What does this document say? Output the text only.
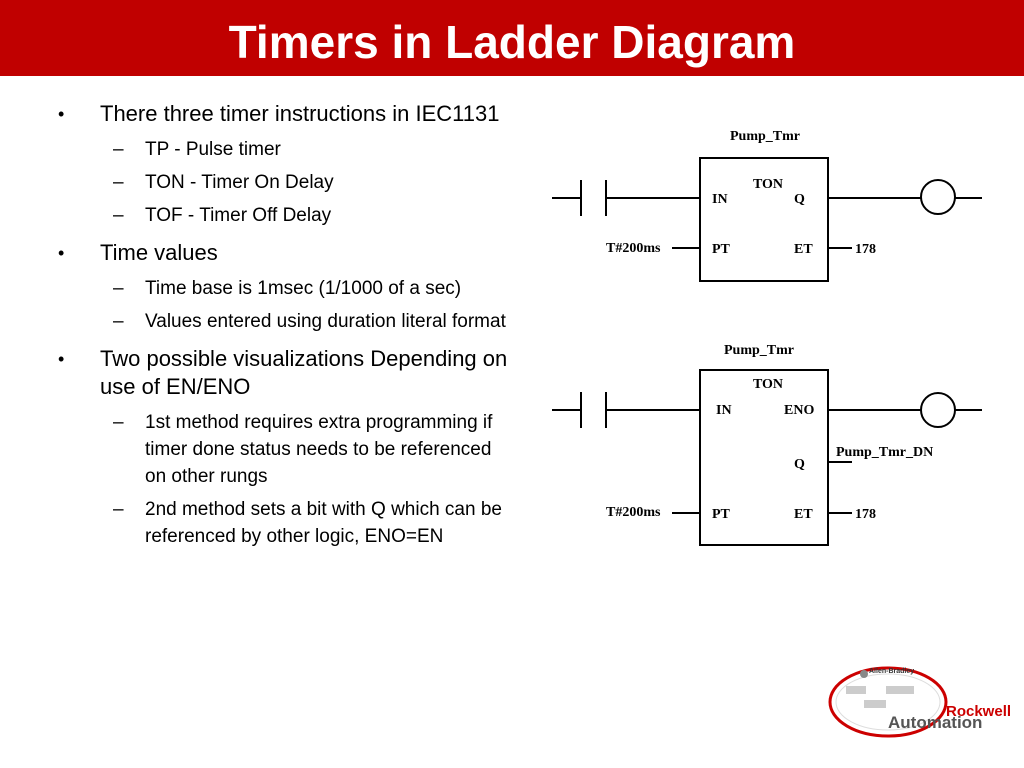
Timers in Ladder Diagram
• There three timer instructions in IEC1131
– TP - Pulse timer
– TON - Timer On Delay
– TOF - Timer Off Delay
• Time values
– Time base is 1msec (1/1000 of a sec)
– Values entered using duration literal format
• Two possible visualizations Depending on use of EN/ENO
– 1st method requires extra programming if timer done status needs to be referenced on other rungs
– 2nd method sets a bit with Q which can be referenced by other logic, ENO=EN
Pump_Tmr
TON
IN	Q
PT	ET
T#200ms	178
Pump_Tmr
TON
IN	ENO
Q
Pump_Tmr_DN
PT	ET
T#200ms	178
Allen-Bradley
Rockwell
Automation
